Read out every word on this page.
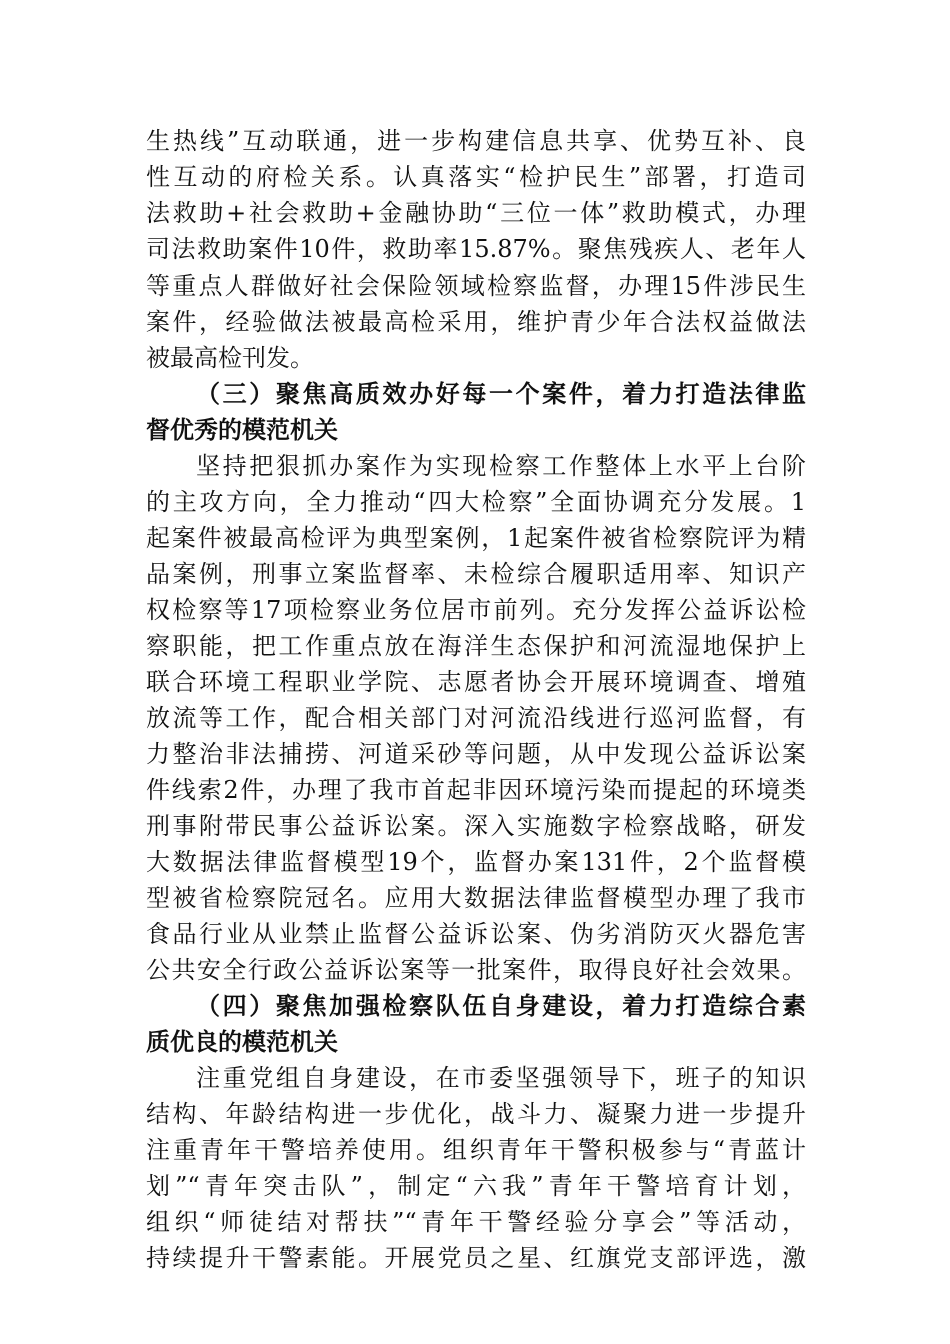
生热线”互动联通，进一步构建信息共享、优势互补、良
性互动的府检关系。认真落实“检护民生”部署，打造司
法救助+社会救助+金融协助“三位一体”救助模式，办理
司法救助案件10件，救助率15.87%。聚焦残疾人、老年人
等重点人群做好社会保险领域检察监督，办理15件涉民生
案件，经验做法被最高检采用，维护青少年合法权益做法
被最高检刊发。
（三）聚焦高质效办好每一个案件，着力打造法律监
督优秀的模范机关
坚持把狠抓办案作为实现检察工作整体上水平上台阶
的主攻方向，全力推动“四大检察”全面协调充分发展。1
起案件被最高检评为典型案例，1起案件被省检察院评为精
品案例，刑事立案监督率、未检综合履职适用率、知识产
权检察等17项检察业务位居市前列。充分发挥公益诉讼检
察职能，把工作重点放在海洋生态保护和河流湿地保护上
联合环境工程职业学院、志愿者协会开展环境调查、增殖
放流等工作，配合相关部门对河流沿线进行巡河监督，有
力整治非法捕捞、河道采砂等问题，从中发现公益诉讼案
件线索2件，办理了我市首起非因环境污染而提起的环境类
刑事附带民事公益诉讼案。深入实施数字检察战略，研发
大数据法律监督模型19个，监督办案131件，2个监督模
型被省检察院冠名。应用大数据法律监督模型办理了我市
食品行业从业禁止监督公益诉讼案、伪劣消防灭火器危害
公共安全行政公益诉讼案等一批案件，取得良好社会效果。
（四）聚焦加强检察队伍自身建设，着力打造综合素
质优良的模范机关
注重党组自身建设，在市委坚强领导下，班子的知识
结构、年龄结构进一步优化，战斗力、凝聚力进一步提升
注重青年干警培养使用。组织青年干警积极参与“青蓝计
划”“青年突击队”，制定“六我”青年干警培育计划，
组织“师徒结对帮扶”“青年干警经验分享会”等活动，
持续提升干警素能。开展党员之星、红旗党支部评选，激
